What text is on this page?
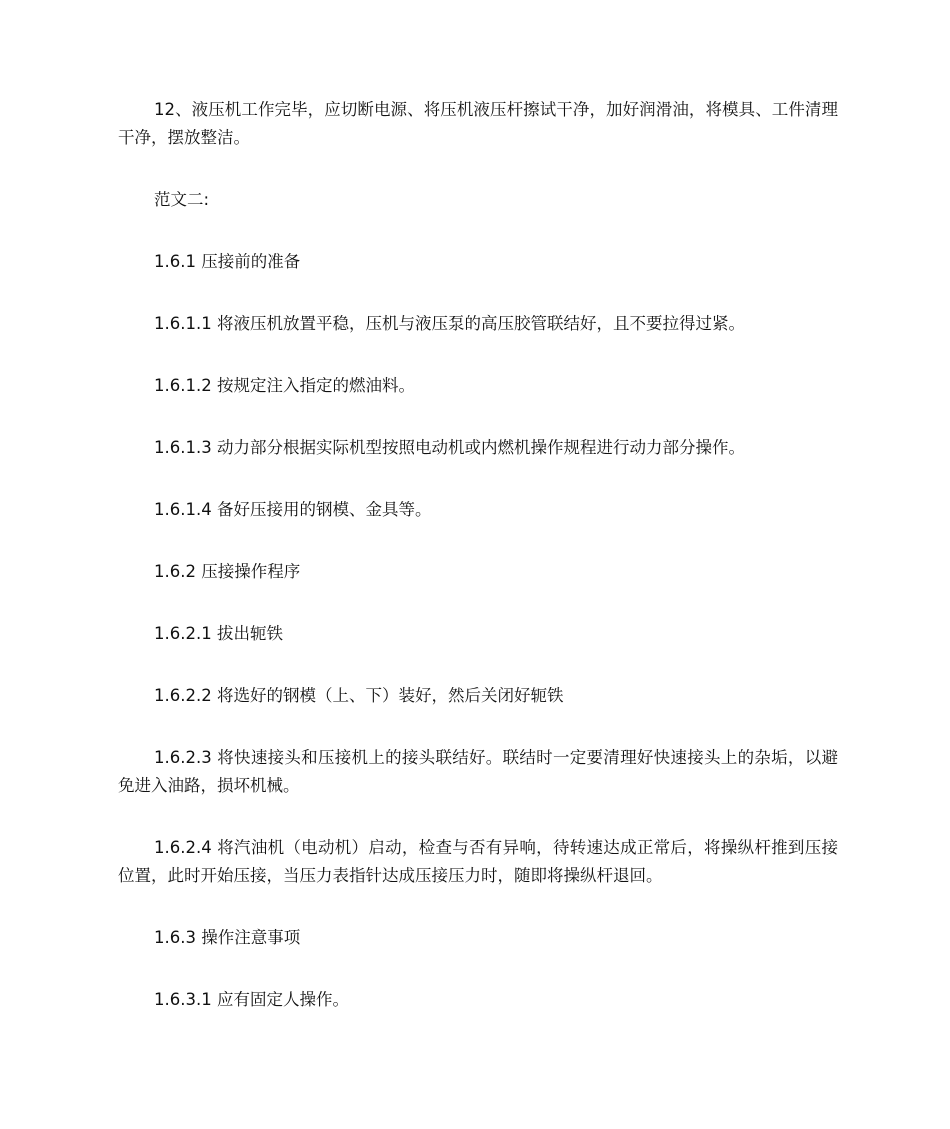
12、液压机工作完毕，应切断电源、将压机液压杆擦试干净，加好润滑油，将模具、工件清理干净，摆放整洁。

范文二:

1.6.1 压接前的准备

1.6.1.1 将液压机放置平稳，压机与液压泵的高压胶管联结好，且不要拉得过紧。

1.6.1.2 按规定注入指定的燃油料。

1.6.1.3 动力部分根据实际机型按照电动机或内燃机操作规程进行动力部分操作。

1.6.1.4 备好压接用的钢模、金具等。

1.6.2 压接操作程序

1.6.2.1 拔出轭铁

1.6.2.2 将选好的钢模（上、下）装好，然后关闭好轭铁

1.6.2.3 将快速接头和压接机上的接头联结好。联结时一定要清理好快速接头上的杂垢，以避免进入油路，损坏机械。

1.6.2.4 将汽油机（电动机）启动，检查与否有异响，待转速达成正常后，将操纵杆推到压接位置，此时开始压接，当压力表指针达成压接压力时，随即将操纵杆退回。

1.6.3 操作注意事项

1.6.3.1 应有固定人操作。
